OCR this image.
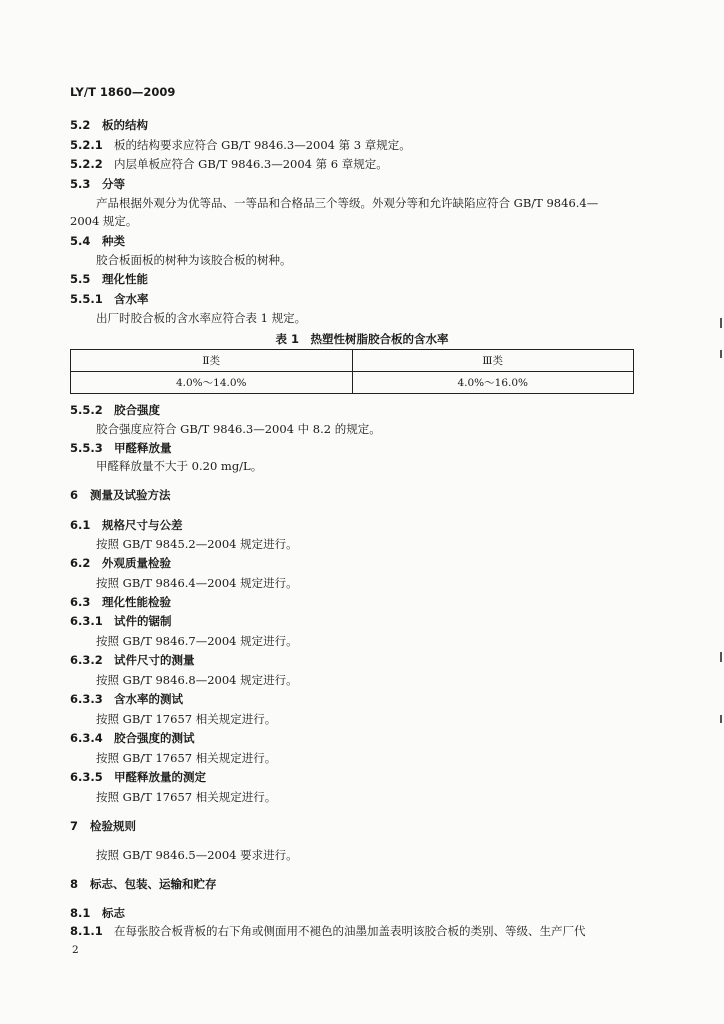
LY/T 1860—2009
5.2 板的结构
5.2.1 板的结构要求应符合 GB/T 9846.3—2004 第 3 章规定。
5.2.2 内层单板应符合 GB/T 9846.3—2004 第 6 章规定。
5.3 分等
产品根据外观分为优等品、一等品和合格品三个等级。外观分等和允许缺陷应符合 GB/T 9846.4—
2004 规定。
5.4 种类
胶合板面板的树种为该胶合板的树种。
5.5 理化性能
5.5.1 含水率
出厂时胶合板的含水率应符合表 1 规定。
表 1　热塑性树脂胶合板的含水率
Ⅱ类	Ⅲ类
4.0%～14.0%	4.0%～16.0%
5.5.2 胶合强度
胶合强度应符合 GB/T 9846.3—2004 中 8.2 的规定。
5.5.3 甲醛释放量
甲醛释放量不大于 0.20 mg/L。
6 测量及试验方法
6.1 规格尺寸与公差
按照 GB/T 9845.2—2004 规定进行。
6.2 外观质量检验
按照 GB/T 9846.4—2004 规定进行。
6.3 理化性能检验
6.3.1 试件的锯制
按照 GB/T 9846.7—2004 规定进行。
6.3.2 试件尺寸的测量
按照 GB/T 9846.8—2004 规定进行。
6.3.3 含水率的测试
按照 GB/T 17657 相关规定进行。
6.3.4 胶合强度的测试
按照 GB/T 17657 相关规定进行。
6.3.5 甲醛释放量的测定
按照 GB/T 17657 相关规定进行。
7 检验规则
按照 GB/T 9846.5—2004 要求进行。
8 标志、包装、运输和贮存
8.1 标志
8.1.1 在每张胶合板背板的右下角或侧面用不褪色的油墨加盖表明该胶合板的类别、等级、生产厂代
2
